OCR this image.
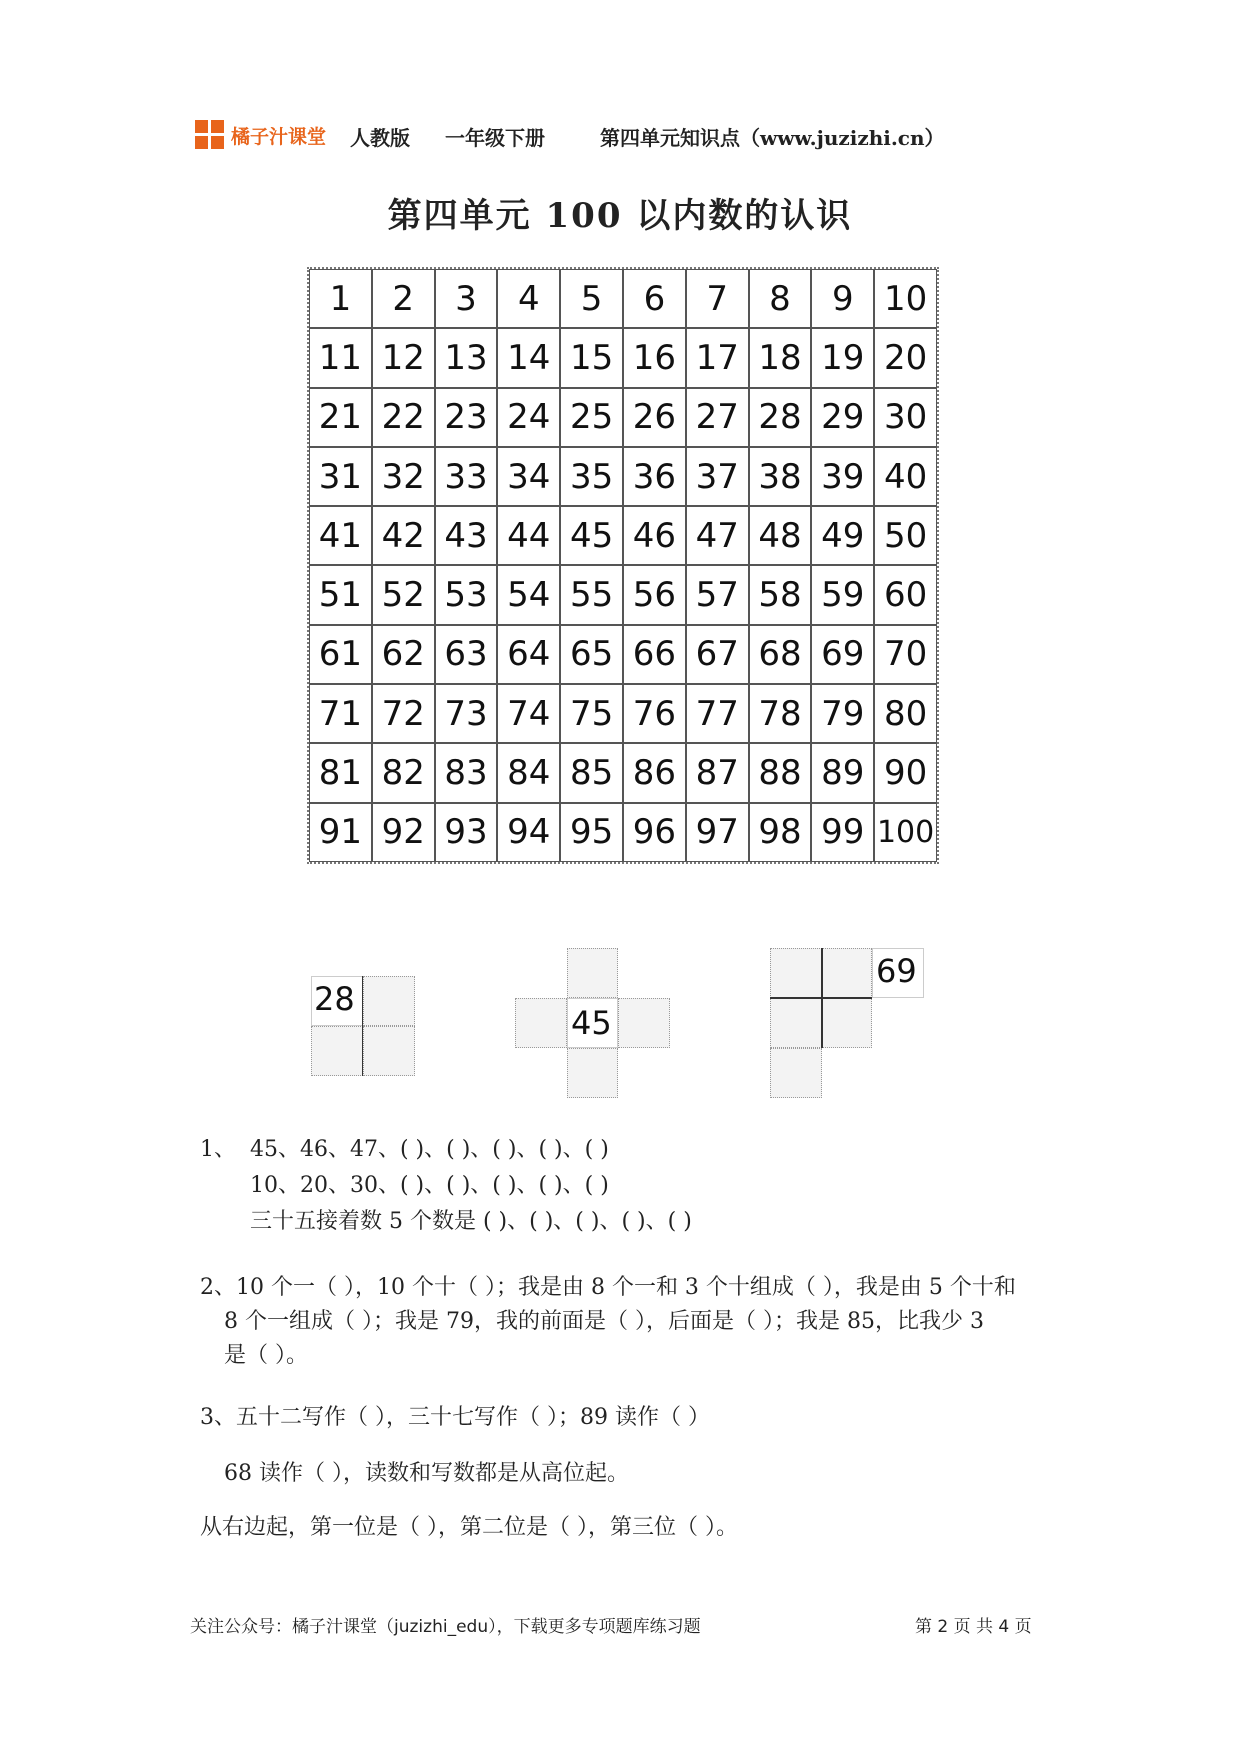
橘子汁课堂 人教版 一年级下册	第四单元知识点（www.juzizhi.cn）
第四单元 100 以内数的认识
1	2	3	4	5	6	7	8	9 10
11 12 13 14 15 16 17 18 19 20
21 22 23 24 25 26 27 28 29 30
31 32 33 34 35 36 37 38 39 40
41 42 43 44 45 46 47 48 49 50
51 52 53 54 55 56 57 58 59 60
61 62 63 64 65 66 67 68 69 70
71 72 73 74 75 76 77 78 79 80
81 82 83 84 85 86 87 88 89 90
91 92 93 94 95 96 97 98 99 100
28
45
69
1、 45、46、47、( )、( )、( )、( )、( )
10、20、30、( )、( )、( )、( )、( )
三十五接着数 5 个数是 ( )、( )、( )、( )、( )
2、10 个一（ ），10 个十（ ）；我是由 8 个一和 3 个十组成（ ），我是由 5 个十和
8 个一组成（ ）；我是 79，我的前面是（ ），后面是（ ）；我是 85，比我少 3
是（ ）。
3、五十二写作（ ），三十七写作（ ）；89 读作（ ）
68 读作（ ），读数和写数都是从高位起。
从右边起，第一位是（ ），第二位是（ ），第三位（ ）。
关注公众号：橘子汁课堂（juzizhi_edu），下载更多专项题库练习题	第 2 页 共 4 页
